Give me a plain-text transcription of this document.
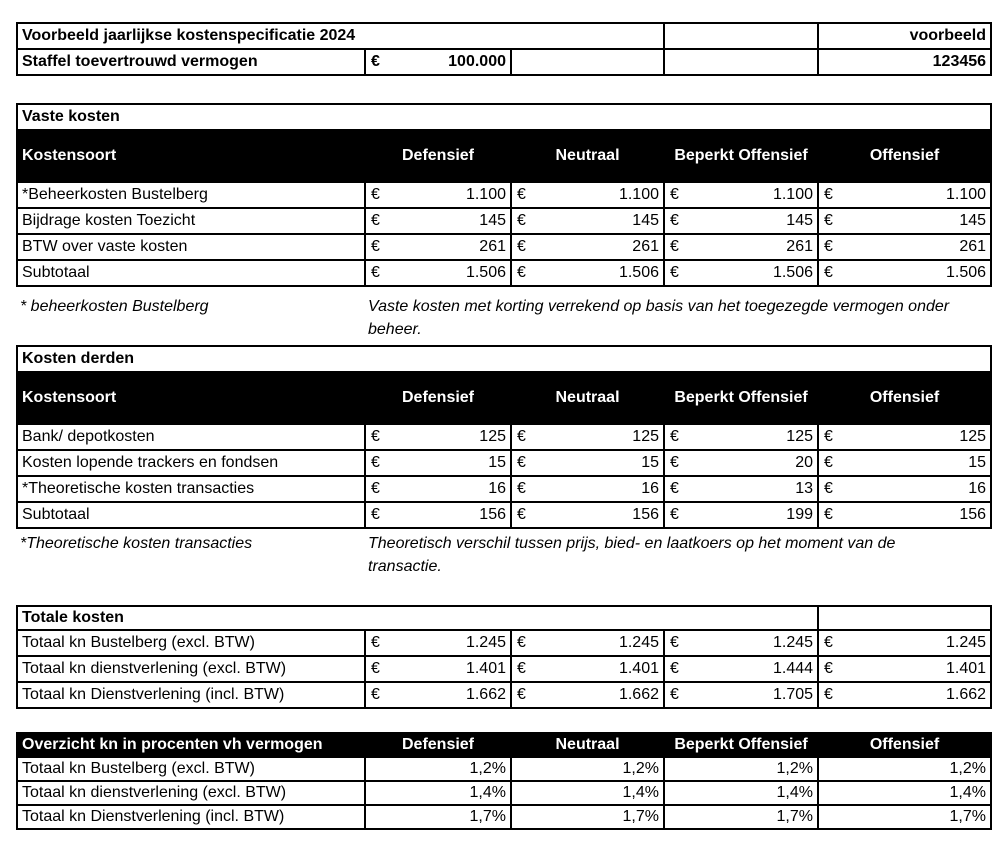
Voorbeeld jaarlijkse kostenspecificatie 2024				voorbeeld
Staffel toevertrouwd vermogen	€ 100.000			123456
Vaste kosten				
Kostensoort	Defensief	Neutraal	Beperkt Offensief	Offensief
*Beheerkosten Bustelberg	€ 1.100	€ 1.100	€ 1.100	€ 1.100
Bijdrage kosten Toezicht	€ 145	€ 145	€ 145	€ 145
BTW over vaste kosten	€ 261	€ 261	€ 261	€ 261
Subtotaal	€ 1.506	€ 1.506	€ 1.506	€ 1.506
* beheerkosten Bustelberg	Vaste kosten met korting verrekend op basis van het toegezegde vermogen onder beheer.
Kosten derden				
Kostensoort	Defensief	Neutraal	Beperkt Offensief	Offensief
Bank/ depotkosten	€ 125	€ 125	€ 125	€ 125
Kosten lopende trackers en fondsen	€ 15	€ 15	€ 20	€ 15
*Theoretische kosten transacties	€ 16	€ 16	€ 13	€ 16
Subtotaal	€ 156	€ 156	€ 199	€ 156
*Theoretische kosten transacties	Theoretisch verschil tussen prijs, bied- en laatkoers op het moment van de transactie.
Totale kosten				
Totaal kn Bustelberg (excl. BTW)	€ 1.245	€ 1.245	€ 1.245	€ 1.245
Totaal kn dienstverlening (excl. BTW)	€ 1.401	€ 1.401	€ 1.444	€ 1.401
Totaal kn Dienstverlening (incl. BTW)	€ 1.662	€ 1.662	€ 1.705	€ 1.662
Overzicht kn in procenten vh vermogen	Defensief	Neutraal	Beperkt Offensief	Offensief
Totaal kn Bustelberg (excl. BTW)	1,2%	1,2%	1,2%	1,2%
Totaal kn dienstverlening (excl. BTW)	1,4%	1,4%	1,4%	1,4%
Totaal kn Dienstverlening (incl. BTW)	1,7%	1,7%	1,7%	1,7%
